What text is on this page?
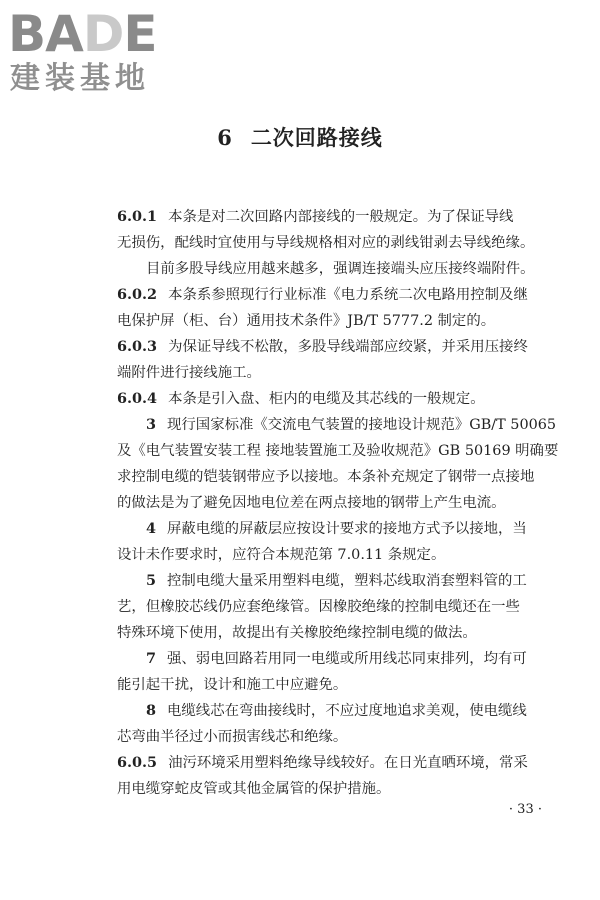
BADE
建装基地
6 二次回路接线
6.0.1 本条是对二次回路内部接线的一般规定。为了保证导线
无损伤，配线时宜使用与导线规格相对应的剥线钳剥去导线绝缘。
目前多股导线应用越来越多，强调连接端头应压接终端附件。
6.0.2 本条系参照现行行业标准《电力系统二次电路用控制及继
电保护屏（柜、台）通用技术条件》JB/T 5777.2 制定的。
6.0.3 为保证导线不松散，多股导线端部应绞紧，并采用压接终
端附件进行接线施工。
6.0.4 本条是引入盘、柜内的电缆及其芯线的一般规定。
3 现行国家标准《交流电气装置的接地设计规范》GB/T 50065
及《电气装置安装工程 接地装置施工及验收规范》GB 50169 明确要
求控制电缆的铠装钢带应予以接地。本条补充规定了钢带一点接地
的做法是为了避免因地电位差在两点接地的钢带上产生电流。
4 屏蔽电缆的屏蔽层应按设计要求的接地方式予以接地，当
设计未作要求时，应符合本规范第 7.0.11 条规定。
5 控制电缆大量采用塑料电缆，塑料芯线取消套塑料管的工
艺，但橡胶芯线仍应套绝缘管。因橡胶绝缘的控制电缆还在一些
特殊环境下使用，故提出有关橡胶绝缘控制电缆的做法。
7 强、弱电回路若用同一电缆或所用线芯同束排列，均有可
能引起干扰，设计和施工中应避免。
8 电缆线芯在弯曲接线时，不应过度地追求美观，使电缆线
芯弯曲半径过小而损害线芯和绝缘。
6.0.5 油污环境采用塑料绝缘导线较好。在日光直晒环境，常采
用电缆穿蛇皮管或其他金属管的保护措施。
· 33 ·
